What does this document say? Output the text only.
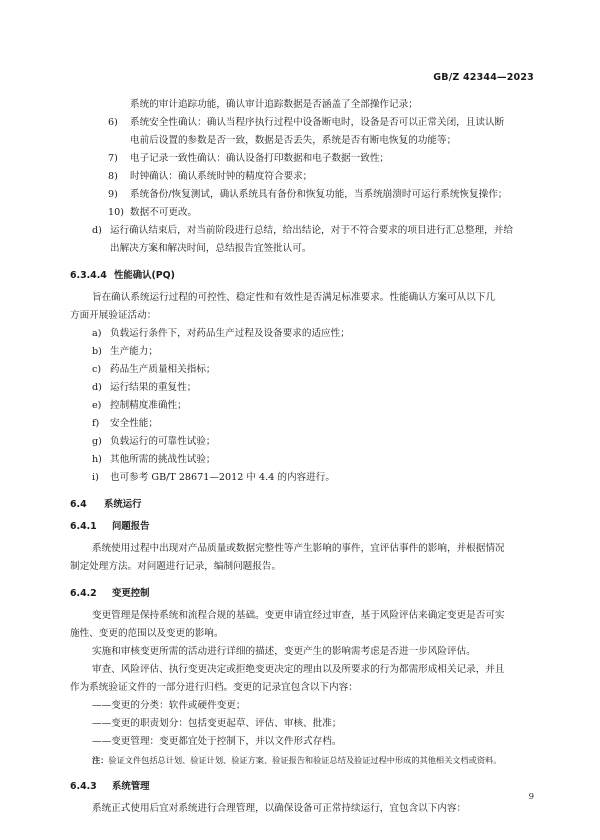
GB/Z 42344—2023
系统的审计追踪功能，确认审计追踪数据是否涵盖了全部操作记录；
6) 系统安全性确认：确认当程序执行过程中设备断电时，设备是否可以正常关闭，且读认断
电前后设置的参数是否一致，数据是否丢失，系统是否有断电恢复的功能等；
7) 电子记录一致性确认：确认设备打印数据和电子数据一致性；
8) 时钟确认：确认系统时钟的精度符合要求；
9) 系统备份/恢复测试，确认系统具有备份和恢复功能，当系统崩溃时可运行系统恢复操作；
10) 数据不可更改。
d) 运行确认结束后，对当前阶段进行总结，给出结论，对于不符合要求的项目进行汇总整理，并给
出解决方案和解决时间，总结报告宜签批认可。
6.3.4.4 性能确认(PQ)
旨在确认系统运行过程的可控性、稳定性和有效性是否满足标准要求。性能确认方案可从以下几
方面开展验证活动：
a) 负载运行条件下，对药品生产过程及设备要求的适应性；
b) 生产能力；
c) 药品生产质量相关指标；
d) 运行结果的重复性；
e) 控制精度准确性；
f) 安全性能；
g) 负载运行的可靠性试验；
h) 其他所需的挑战性试验；
i) 也可参考 GB/T 28671—2012 中 4.4 的内容进行。
6.4 系统运行
6.4.1 问题报告
系统使用过程中出现对产品质量或数据完整性等产生影响的事件，宜评估事件的影响，并根据情况
制定处理方法。对问题进行记录，编制问题报告。
6.4.2 变更控制
变更管理是保持系统和流程合规的基础。变更申请宜经过审查，基于风险评估来确定变更是否可实
施性、变更的范围以及变更的影响。
实施和审核变更所需的活动进行详细的描述，变更产生的影响需考虑是否进一步风险评估。
审查、风险评估、执行变更决定或拒绝变更决定的理由以及所要求的行为都需形成相关记录，并且
作为系统验证文件的一部分进行归档。变更的记录宜包含以下内容：
——变更的分类：软件或硬件变更；
——变更的职责划分：包括变更起草、评估、审核、批准；
——变更管理：变更都宜处于控制下，并以文件形式存档。
注：验证文件包括总计划、验证计划、验证方案、验证报告和验证总结及验证过程中形成的其他相关文档或资料。
6.4.3 系统管理
系统正式使用后宜对系统进行合理管理，以确保设备可正常持续运行，宜包含以下内容：
9
